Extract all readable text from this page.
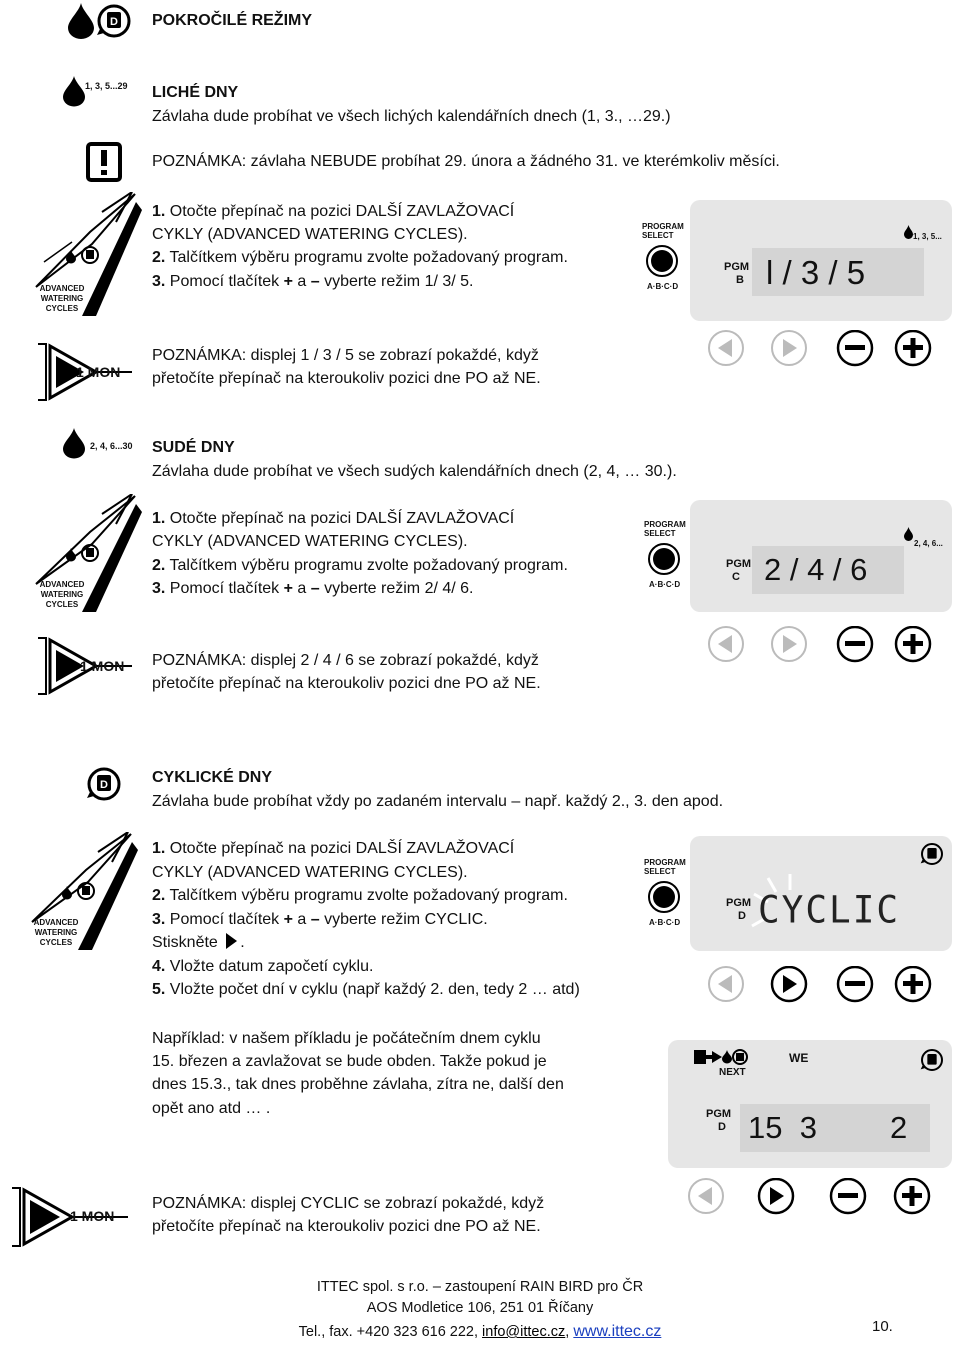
D POKROČILÉ REŽIMY
1, 3, 5...29 LICHÉ DNY
Závlaha dude probíhat ve všech lichých kalendářních dnech (1, 3., …29.)
POZNÁMKA: závlaha NEBUDE probíhat 29. února a žádného 31. ve kterémkoliv měsíci.
ADVANCED
WATERING
CYCLES
1. Otočte přepínač na pozici DALŠÍ ZAVLAŽOVACÍ
CYKLY (ADVANCED WATERING CYCLES).
2. Talčítkem výběru programu zvolte požadovaný program.
3. Pomocí tlačítek + a – vyberte režim 1/ 3/ 5.
PROGRAM
SELECT
A·B·C·D
PGM
B l / 3 / 5
1, 3, 5...
1 MON
POZNÁMKA: displej 1 / 3 / 5 se zobrazí pokaždé, když
přetočíte přepínač na kteroukoliv pozici dne PO až NE.
2, 4, 6...30 SUDÉ DNY
Závlaha dude probíhat ve všech sudých kalendářních dnech (2, 4, … 30.).
ADVANCED
WATERING
CYCLES
1. Otočte přepínač na pozici DALŠÍ ZAVLAŽOVACÍ
CYKLY (ADVANCED WATERING CYCLES).
2. Talčítkem výběru programu zvolte požadovaný program.
3. Pomocí tlačítek + a – vyberte režim 2/ 4/ 6.
PROGRAM
SELECT
A·B·C·D
PGM
C 2 / 4 / 6
2, 4, 6...
1 MON POZNÁMKA: displej 2 / 4 / 6 se zobrazí pokaždé, když
přetočíte přepínač na kteroukoliv pozici dne PO až NE.
D	CYKLICKÉ DNY
Závlaha bude probíhat vždy po zadaném intervalu – např. každý 2., 3. den apod.
ADVANCED
WATERING
CYCLES
1. Otočte přepínač na pozici DALŠÍ ZAVLAŽOVACÍ
CYKLY (ADVANCED WATERING CYCLES).
2. Talčítkem výběru programu zvolte požadovaný program.
3. Pomocí tlačítek + a – vyberte režim CYCLIC.
Stiskněte .
4. Vložte datum započetí cyklu.
5. Vložte počet dní v cyklu (např každý 2. den, tedy 2 … atd)
PROGRAM
SELECT
A·B·C·D
PGM
D CYCLIC
Například: v našem příkladu je počátečním dnem cyklu
15. březen a zavlažovat se bude obden. Takže pokud je
dnes 15.3., tak dnes proběhne závlaha, zítra ne, další den
opět ano atd … .
WE
NEXT
PGM
D 15  3 2
1 MON
POZNÁMKA: displej CYCLIC se zobrazí pokaždé, když
přetočíte přepínač na kteroukoliv pozici dne PO až NE.
ITTEC spol. s r.o. – zastoupení RAIN BIRD pro ČR
AOS Modletice 106, 251 01 Říčany
Tel., fax. +420 323 616 222, info@ittec.cz, www.ittec.cz	10.
